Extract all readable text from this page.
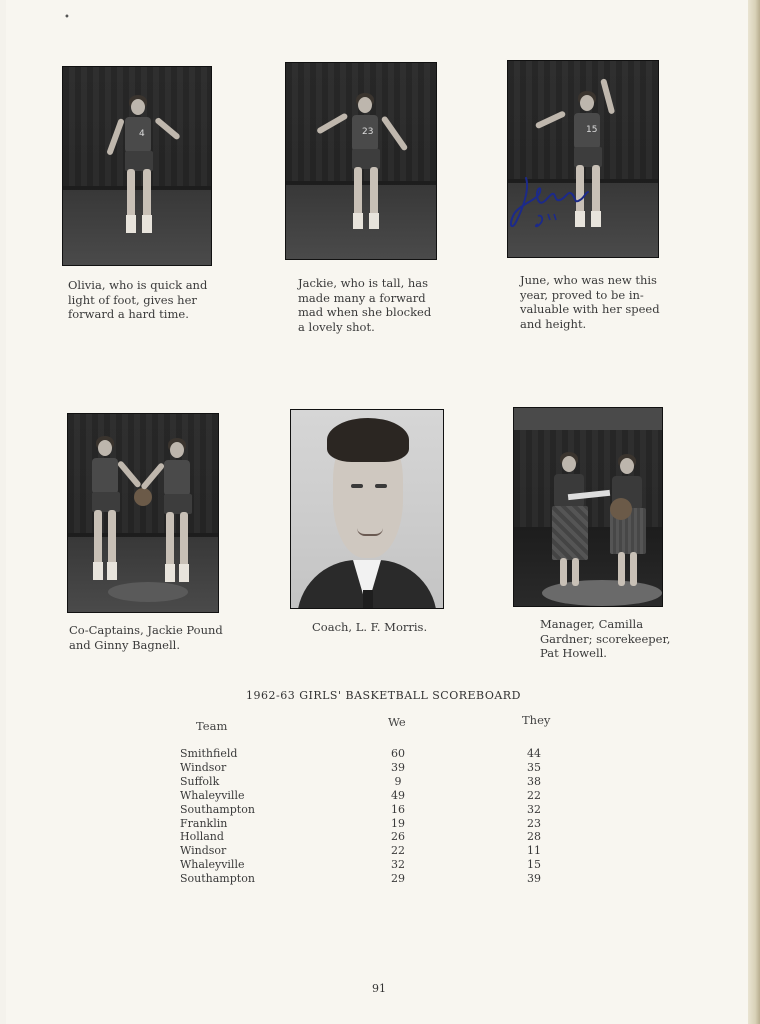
•
4
Olivia, who is quick and light of foot, gives her forward a hard time.
23
Jackie, who is tall, has made many a forward mad when she blocked a lovely shot.
15
June, who was new this year, proved to be in-valuable with her speed and height.
Co-Captains, Jackie Pound and Ginny Bagnell.
Coach, L. F. Morris.	Manager, Camilla Gardner; scorekeeper, Pat Howell.
1962-63 GIRLS' BASKETBALL SCOREBOARD
Team	We	They
Smithfield	60	44
Windsor	39	35
Suffolk	9	38
Whaleyville	49	22
Southampton	16	32
Franklin	19	23
Holland	26	28
Windsor	22	11
Whaleyville	32	15
Southampton	29	39
91
